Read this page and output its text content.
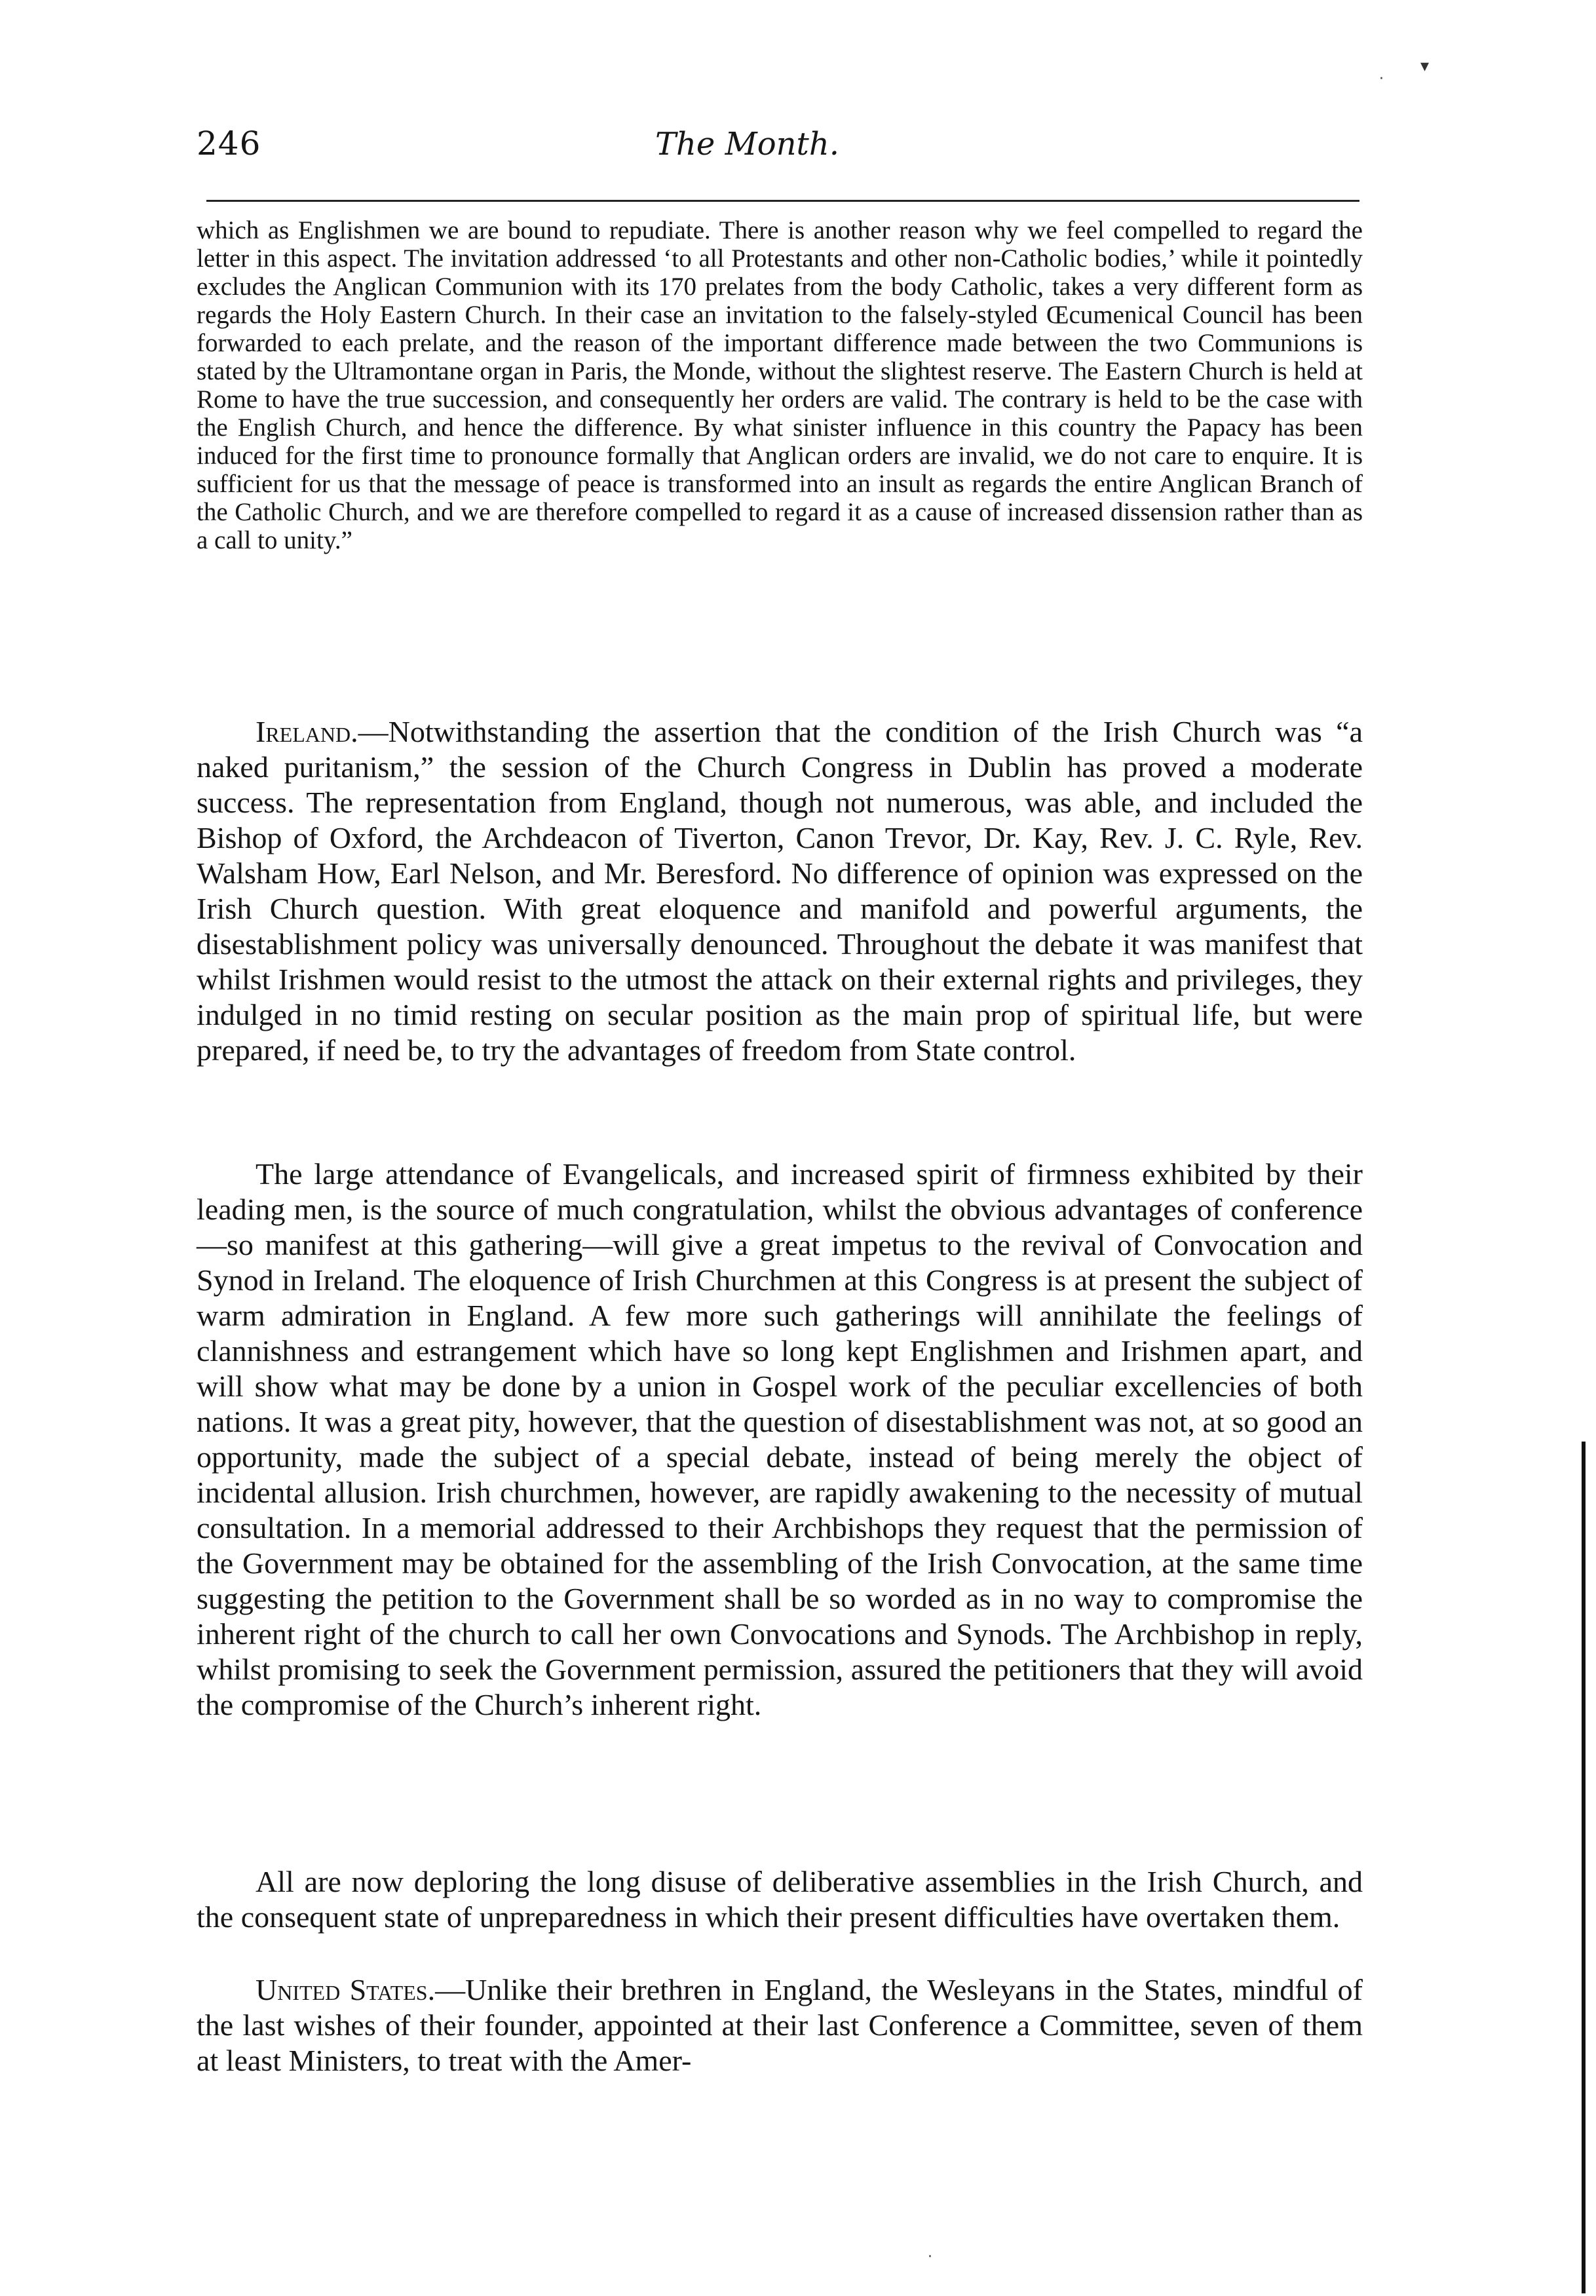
▾
·
·
246	The Month.

which as Englishmen we are bound to repudiate. There is another reason why we feel compelled to regard the letter in this aspect. The invitation addressed ‘to all Protestants and other non-Catholic bodies,’ while it pointedly excludes the Anglican Communion with its 170 prelates from the body Catholic, takes a very different form as regards the Holy Eastern Church. In their case an invitation to the falsely-styled Œcumenical Council has been forwarded to each prelate, and the reason of the important difference made between the two Communions is stated by the Ultramontane organ in Paris, the Monde, without the slightest reserve. The Eastern Church is held at Rome to have the true succession, and consequently her orders are valid. The contrary is held to be the case with the English Church, and hence the difference. By what sinister influence in this country the Papacy has been induced for the first time to pronounce formally that Anglican orders are invalid, we do not care to enquire. It is sufficient for us that the message of peace is transformed into an insult as regards the entire Anglican Branch of the Catholic Church, and we are therefore compelled to regard it as a cause of increased dissension rather than as a call to unity.”

Ireland.—Notwithstanding the assertion that the condition of the Irish Church was “a naked puritanism,” the session of the Church Congress in Dublin has proved a moderate success. The representation from England, though not numerous, was able, and included the Bishop of Oxford, the Archdeacon of Tiverton, Canon Trevor, Dr. Kay, Rev. J. C. Ryle, Rev. Walsham How, Earl Nelson, and Mr. Beresford. No difference of opinion was expressed on the Irish Church question. With great eloquence and manifold and powerful arguments, the disestablishment policy was universally denounced. Throughout the debate it was manifest that whilst Irishmen would resist to the utmost the attack on their external rights and privileges, they indulged in no timid resting on secular position as the main prop of spiritual life, but were prepared, if need be, to try the advantages of freedom from State control.

The large attendance of Evangelicals, and increased spirit of firmness exhibited by their leading men, is the source of much congratulation, whilst the obvious advantages of conference—so manifest at this gathering—will give a great impetus to the revival of Convocation and Synod in Ireland. The eloquence of Irish Churchmen at this Congress is at present the subject of warm admiration in England. A few more such gatherings will annihilate the feelings of clannishness and estrangement which have so long kept Englishmen and Irishmen apart, and will show what may be done by a union in Gospel work of the peculiar excellencies of both nations. It was a great pity, however, that the question of disestablishment was not, at so good an opportunity, made the subject of a special debate, instead of being merely the object of incidental allusion. Irish churchmen, however, are rapidly awakening to the necessity of mutual consultation. In a memorial addressed to their Archbishops they request that the permission of the Government may be obtained for the assembling of the Irish Convocation, at the same time suggesting the petition to the Government shall be so worded as in no way to compromise the inherent right of the church to call her own Convocations and Synods. The Archbishop in reply, whilst promising to seek the Government permission, assured the petitioners that they will avoid the compromise of the Church’s inherent right.

All are now deploring the long disuse of deliberative assemblies in the Irish Church, and the consequent state of unpreparedness in which their present difficulties have overtaken them.

United States.—Unlike their brethren in England, the Wesleyans in the States, mindful of the last wishes of their founder, appointed at their last Conference a Committee, seven of them at least Ministers, to treat with the Amer-
